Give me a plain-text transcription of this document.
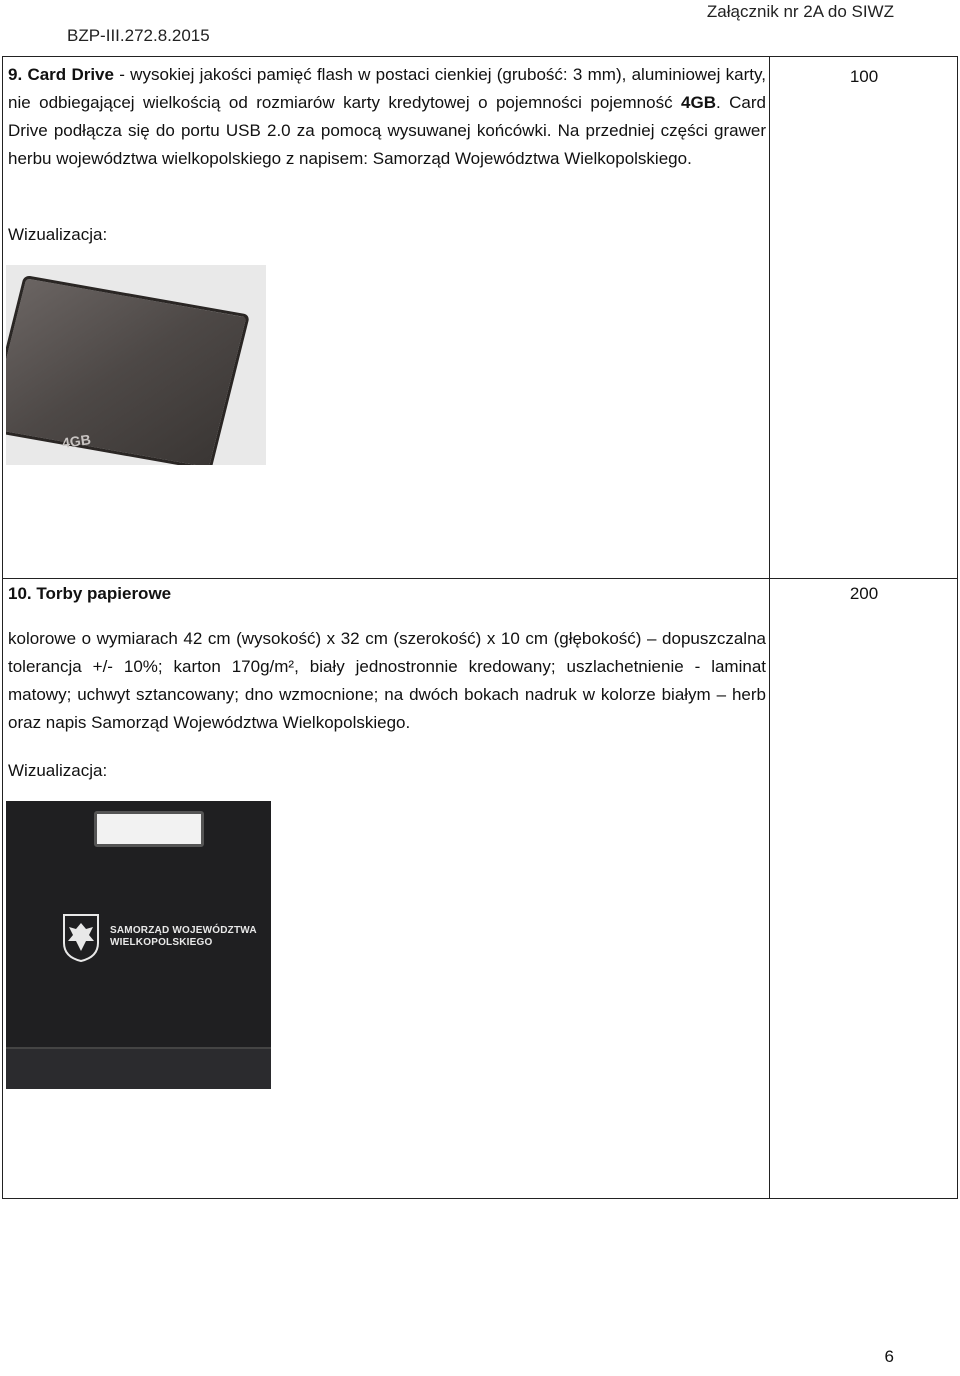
BZP-III.272.8.2015
Załącznik nr 2A do SIWZ

9. Card Drive - wysokiej jakości pamięć flash w postaci cienkiej (grubość: 3 mm), aluminiowej karty, nie odbiegającej wielkością od rozmiarów karty kredytowej o pojemności pojemność 4GB. Card Drive podłącza się do portu USB 2.0 za pomocą wysuwanej końcówki. Na przedniej części grawer herbu województwa wielkopolskiego z napisem: Samorząd Województwa Wielkopolskiego.

Wizualizacja:
100
4GB

10. Torby papierowe	200

kolorowe o wymiarach 42 cm (wysokość) x 32 cm (szerokość) x 10 cm (głębokość) – dopuszczalna tolerancja +/- 10%; karton 170g/m², biały jednostronnie kredowany; uszlachetnienie - laminat matowy; uchwyt sztancowany; dno wzmocnione; na dwóch bokach nadruk w kolorze białym – herb oraz napis Samorząd Województwa Wielkopolskiego.

Wizualizacja:
SAMORZĄD WOJEWÓDZTWA
WIELKOPOLSKIEGO
6
